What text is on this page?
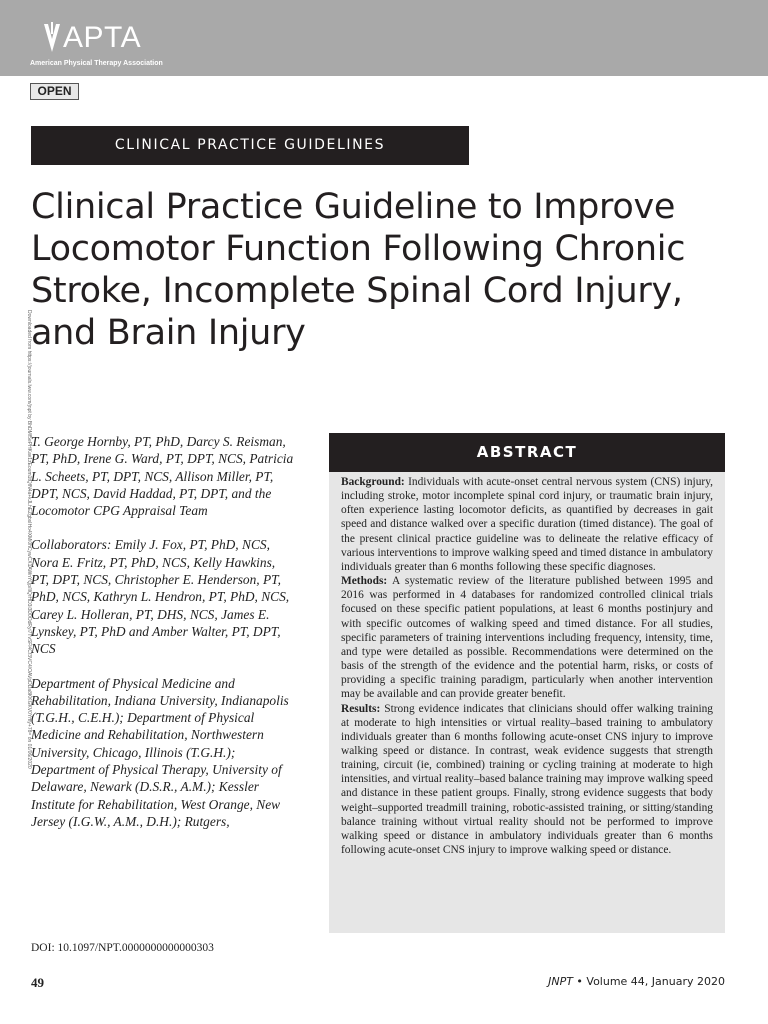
APTA
American Physical Therapy Association
OPEN
CLINICAL PRACTICE GUIDELINES
Clinical Practice Guideline to Improve Locomotor Function Following Chronic Stroke, Incomplete Spinal Cord Injury, and Brain Injury
Downloaded from https://journals.lww.com/jnpt by BhDMf5ePHKav1zEoum1tQfN4a+kJLhEZgbsIHo4XMi0hCywCX1AWnYQp/IlQrHD3i3D0OdRyi7TvSFl4Cf3VC4/OAVpDDa8KKGKV0Ymy+78= on 01/06/2020 T. George Hornby, PT, PhD, Darcy S. Reisman, PT, PhD, Irene G. Ward, PT, DPT, NCS, Patricia L. Scheets, PT, DPT, NCS, Allison Miller, PT, DPT, NCS, David Haddad, PT, DPT, and the Locomotor CPG Appraisal Team

Collaborators: Emily J. Fox, PT, PhD, NCS, Nora E. Fritz, PT, PhD, NCS, Kelly Hawkins, PT, DPT, NCS, Christopher E. Henderson, PT, PhD, NCS, Kathryn L. Hendron, PT, PhD, NCS, Carey L. Holleran, PT, DHS, NCS, James E. Lynskey, PT, PhD and Amber Walter, PT, DPT, NCS

Department of Physical Medicine and Rehabilitation, Indiana University, Indianapolis (T.G.H., C.E.H.); Department of Physical Medicine and Rehabilitation, Northwestern University, Chicago, Illinois (T.G.H.); Department of Physical Therapy, University of Delaware, Newark (D.S.R., A.M.); Kessler Institute for Rehabilitation, West Orange, New Jersey (I.G.W., A.M., D.H.); Rutgers,

ABSTRACT

Background: Individuals with acute-onset central nervous system (CNS) injury, including stroke, motor incomplete spinal cord injury, or traumatic brain injury, often experience lasting locomotor deficits, as quantified by decreases in gait speed and distance walked over a specific duration (timed distance). The goal of the present clinical practice guideline was to delineate the relative efficacy of various interventions to improve walking speed and timed distance in ambulatory individuals greater than 6 months following these specific diagnoses.

Methods: A systematic review of the literature published between 1995 and 2016 was performed in 4 databases for randomized controlled clinical trials focused on these specific patient populations, at least 6 months postinjury and with specific outcomes of walking speed and timed distance. For all studies, specific parameters of training interventions including frequency, intensity, time, and type were detailed as possible. Recommendations were determined on the basis of the strength of the evidence and the potential harm, risks, or costs of providing a specific training paradigm, particularly when another intervention may be available and can provide greater benefit.

Results: Strong evidence indicates that clinicians should offer walking training at moderate to high intensities or virtual reality–based training to ambulatory individuals greater than 6 months following acute-onset CNS injury to improve walking speed or distance. In contrast, weak evidence suggests that strength training, circuit (ie, combined) training or cycling training at moderate to high intensities, and virtual reality–based balance training may improve walking speed and distance in these patient groups. Finally, strong evidence suggests that body weight–supported treadmill training, robotic-assisted training, or sitting/standing balance training without virtual reality should not be performed to improve walking speed or distance in ambulatory individuals greater than 6 months following acute-onset CNS injury to improve walking speed or distance.

DOI: 10.1097/NPT.0000000000000303
49	JNPT • Volume 44, January 2020
